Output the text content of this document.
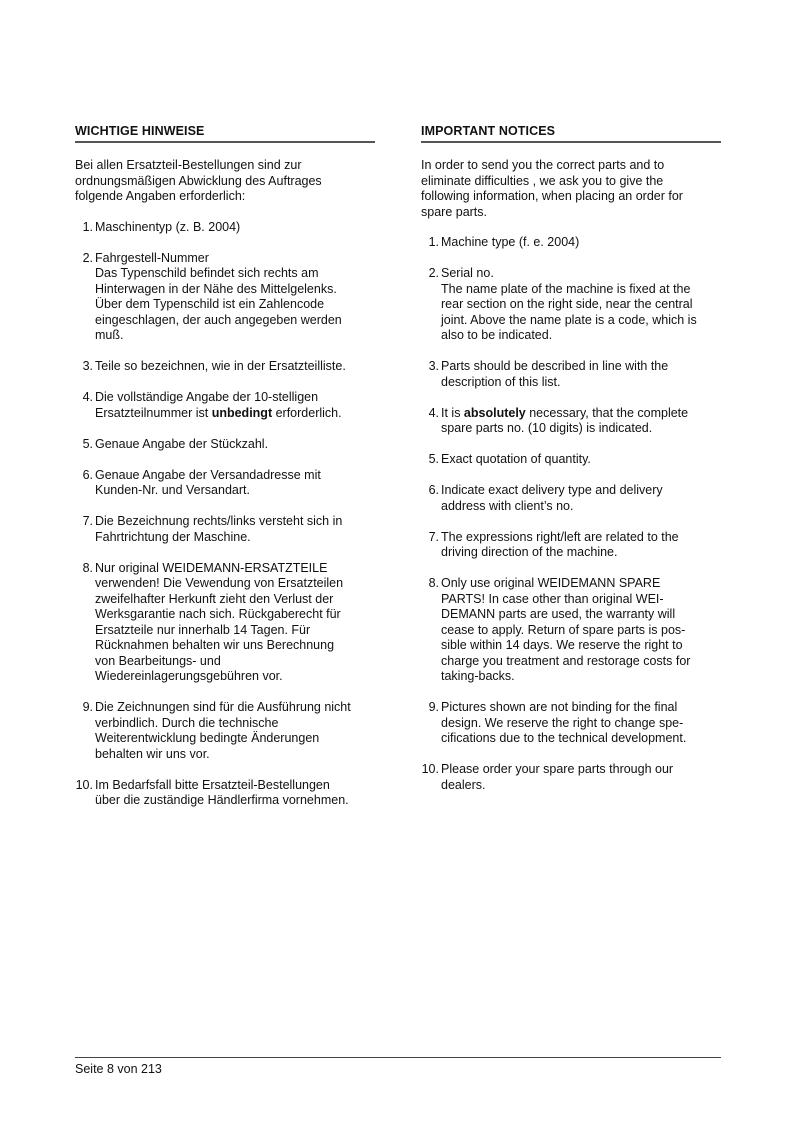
WICHTIGE HINWEISE
Bei allen Ersatzteil-Bestellungen sind zur
ordnungsmäßigen Abwicklung des Auftrages
folgende Angaben erforderlich:
1. Maschinentyp (z. B. 2004)
2. Fahrgestell-Nummer
Das Typenschild befindet sich rechts am
Hinterwagen in der Nähe des Mittelgelenks.
Über dem Typenschild ist ein Zahlencode
eingeschlagen, der auch angegeben werden
muß.
3. Teile so bezeichnen, wie in der Ersatzteilliste.
4. Die vollständige Angabe der 10-stelligen
Ersatzteilnummer ist unbedingt erforderlich.
5. Genaue Angabe der Stückzahl.
6. Genaue Angabe der Versandadresse mit
Kunden-Nr. und Versandart.
7. Die Bezeichnung rechts/links versteht sich in
Fahrtrichtung der Maschine.
8. Nur original WEIDEMANN-ERSATZTEILE
verwenden! Die Vewendung von Ersatzteilen
zweifelhafter Herkunft zieht den Verlust der
Werksgarantie nach sich. Rückgaberecht für
Ersatzteile nur innerhalb 14 Tagen. Für
Rücknahmen behalten wir uns Berechnung
von Bearbeitungs- und
Wiedereinlagerungsgebühren vor.
9. Die Zeichnungen sind für die Ausführung nicht
verbindlich. Durch die technische
Weiterentwicklung bedingte Änderungen
behalten wir uns vor.
10. Im Bedarfsfall bitte Ersatzteil-Bestellungen
über die zuständige Händlerfirma vornehmen.
IMPORTANT NOTICES
In order to send you the correct parts and to
eliminate difficulties , we ask you to give the
following information, when placing an order for
spare parts.
1. Machine type (f. e. 2004)
2. Serial no.
The name plate of the machine is fixed at the
rear section on the right side, near the central
joint. Above the name plate is a code, which is
also to be indicated.
3. Parts should be described in line with the
description of this list.
4. It is absolutely necessary, that the complete
spare parts no. (10 digits) is indicated.
5. Exact quotation of quantity.
6. Indicate exact delivery type and delivery
address with client’s no.
7. The expressions right/left are related to the
driving direction of the machine.
8. Only use original WEIDEMANN SPARE
PARTS! In case other than original WEI-
DEMANN parts are used, the warranty will
cease to apply. Return of spare parts is pos-
sible within 14 days. We reserve the right to
charge you treatment and restorage costs for
taking-backs.
9. Pictures shown are not binding for the final
design. We reserve the right to change spe-
cifications due to the technical development.
10. Please order your spare parts through our
dealers.
Seite 8 von 213
